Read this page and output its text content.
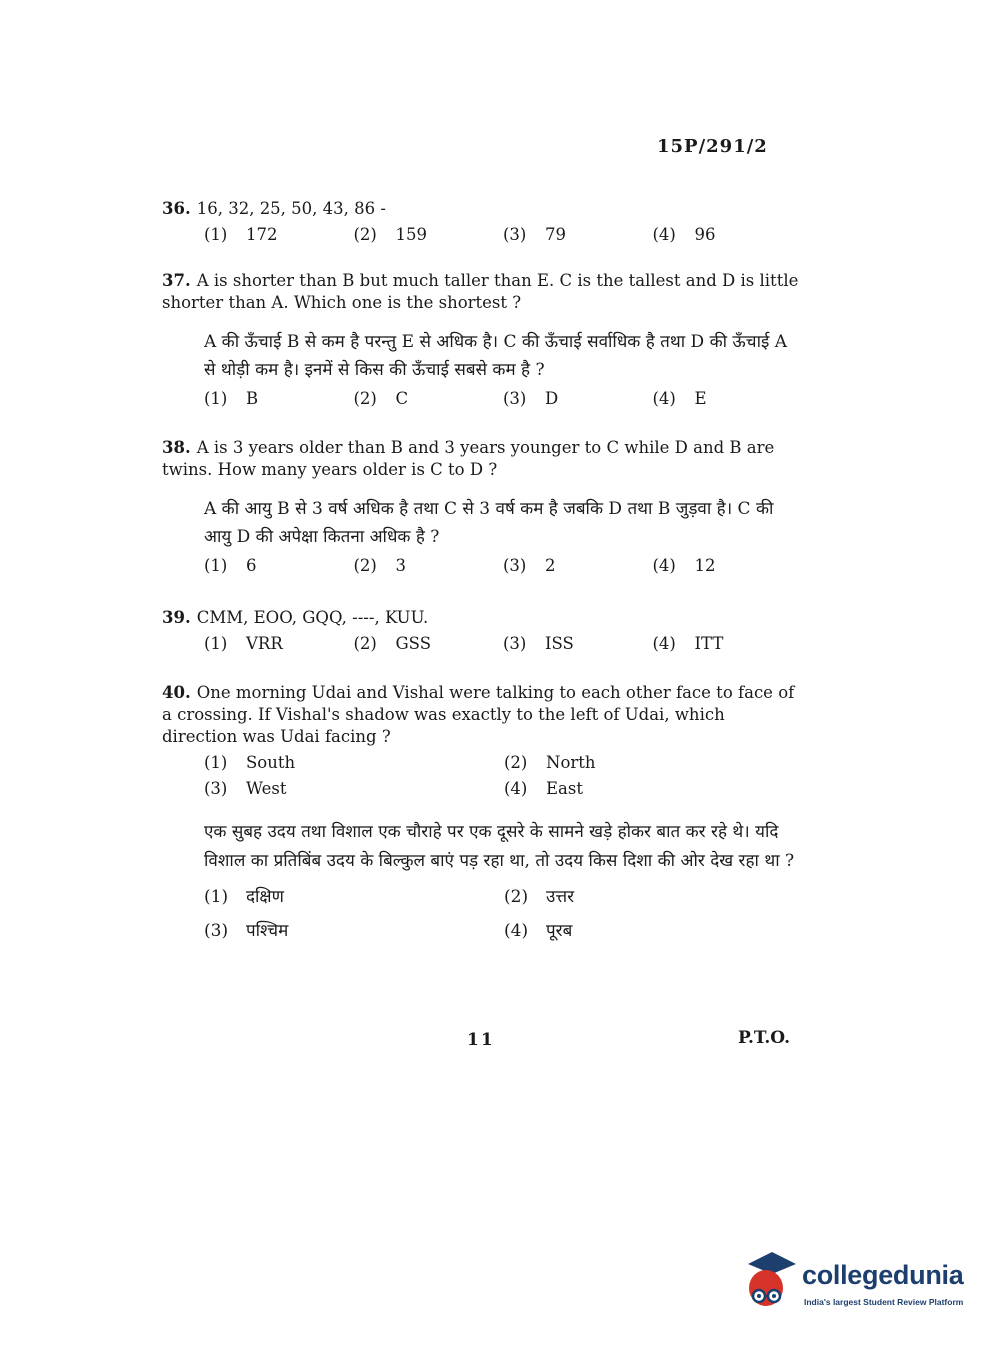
15P/291/2
36. 16, 32, 25, 50, 43, 86 -
(1) 172	(2) 159	(3) 79	(4) 96
37. A is shorter than B but much taller than E. C is the tallest and D is little shorter than A. Which one is the shortest ?
A की ऊँचाई B से कम है परन्तु E से अधिक है। C की ऊँचाई सर्वाधिक है तथा D की ऊँचाई A से थोड़ी कम है। इनमें से किस की ऊँचाई सबसे कम है ?
(1) B	(2) C	(3) D	(4) E
38. A is 3 years older than B and 3 years younger to C while D and B are twins. How many years older is C to D ?
A की आयु B से 3 वर्ष अधिक है तथा C से 3 वर्ष कम है जबकि D तथा B जुड़वा है। C की आयु D की अपेक्षा कितना अधिक है ?
(1) 6	(2) 3	(3) 2	(4) 12
39. CMM, EOO, GQQ, ----, KUU.
(1) VRR	(2) GSS	(3) ISS	(4) ITT
40. One morning Udai and Vishal were talking to each other face to face of a crossing. If Vishal's shadow was exactly to the left of Udai, which direction was Udai facing ?
(1) South	(2) North
(3) West	(4) East
एक सुबह उदय तथा विशाल एक चौराहे पर एक दूसरे के सामने खड़े होकर बात कर रहे थे। यदि विशाल का प्रतिबिंब उदय के बिल्कुल बाएं पड़ रहा था, तो उदय किस दिशा की ओर देख रहा था ?
(1) दक्षिण	(2) उत्तर
(3) पश्चिम	(4) पूरब
11	P.T.O.
collegedunia
India's largest Student Review Platform
